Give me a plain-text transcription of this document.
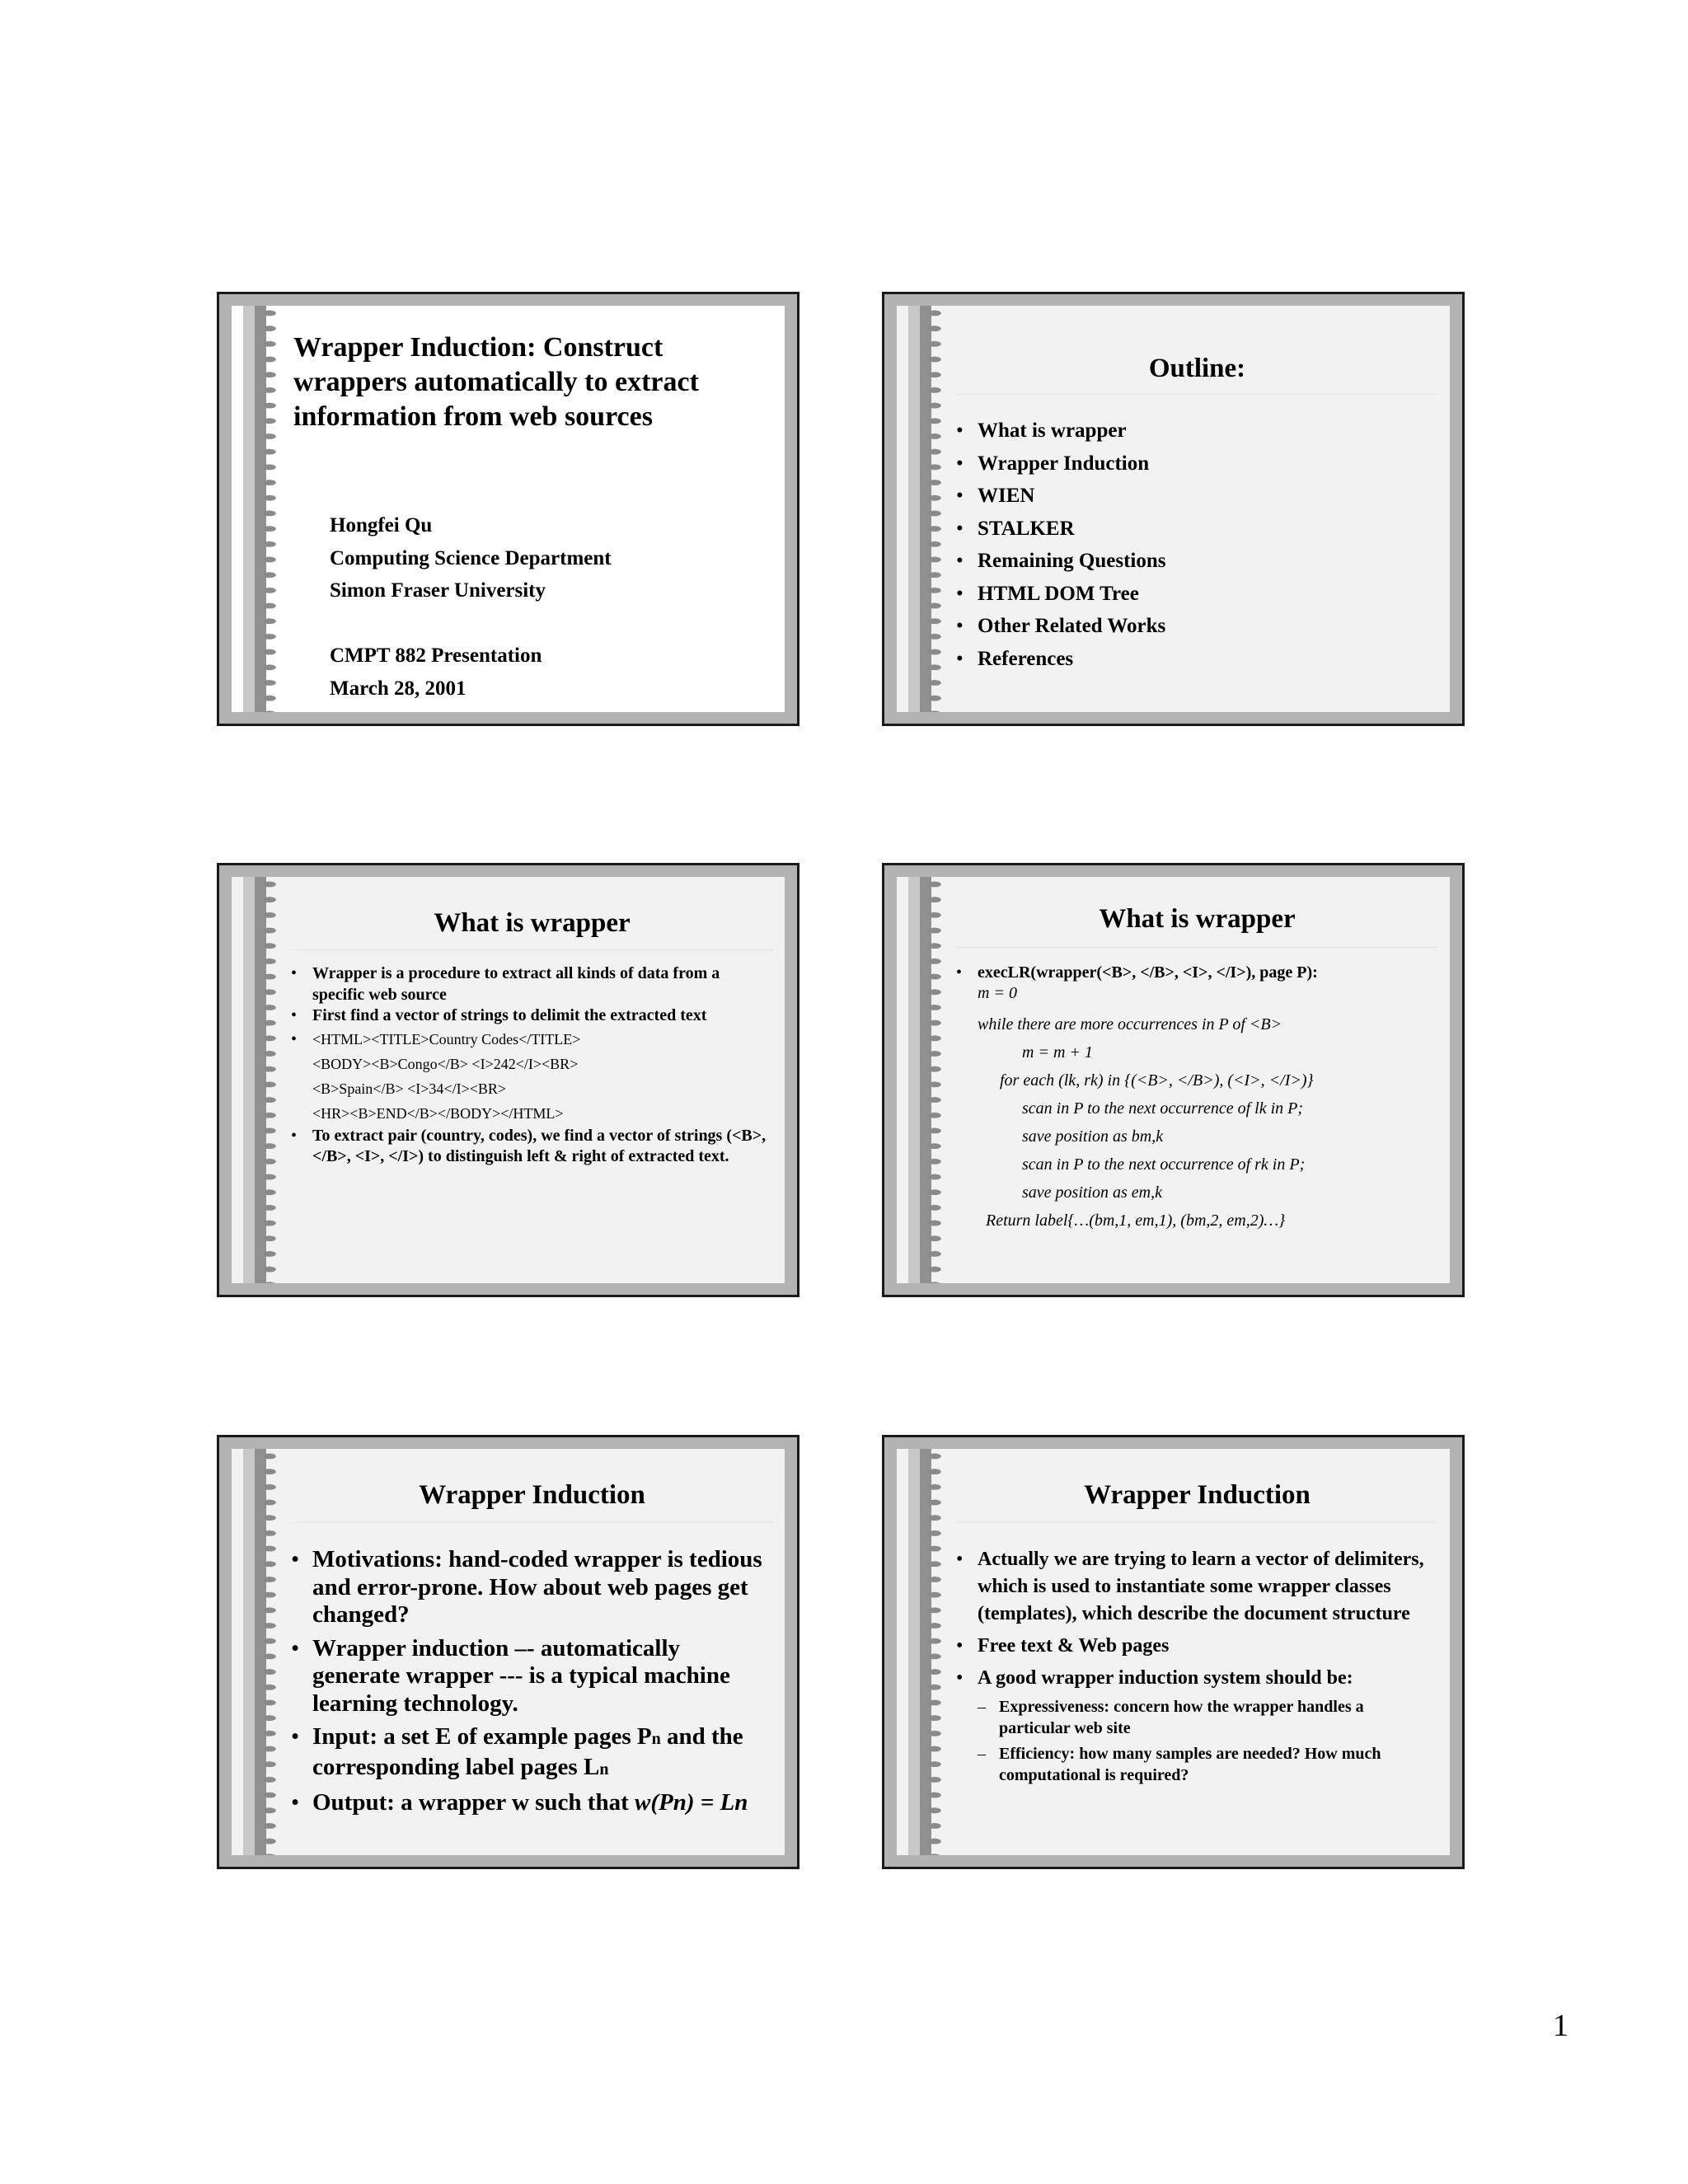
Wrapper Induction: Construct wrappers automatically to extract information from web sources
Hongfei Qu
Computing Science Department
Simon Fraser University
CMPT 882 Presentation
March 28, 2001
Outline:
• What is wrapper
• Wrapper Induction
• WIEN
• STALKER
• Remaining Questions
• HTML DOM Tree
• Other Related Works
• References
What is wrapper
• Wrapper is a procedure to extract all kinds of data from a specific web source
• First find a vector of strings to delimit the extracted text
• <HTML><TITLE>Country Codes</TITLE>
<BODY><B>Congo</B> <I>242</I><BR>
<B>Spain</B> <I>34</I><BR>
<HR><B>END</B></BODY></HTML>
• To extract pair (country, codes), we find a vector of strings (<B>, </B>, <I>, </I>) to distinguish left & right of extracted text.
What is wrapper
• execLR(wrapper(<B>, </B>, <I>, </I>), page P):
m = 0
while there are more occurrences in P of <B>
m = m + 1
for each (lk, rk) in {(<B>, </B>), (<I>, </I>)}
scan in P to the next occurrence of lk in P;
save position as bm,k
scan in P to the next occurrence of rk in P;
save position as em,k
Return label{…(bm,1, em,1), (bm,2, em,2)…}
Wrapper Induction
• Motivations: hand-coded wrapper is tedious and error-prone. How about web pages get changed?
• Wrapper induction –- automatically generate wrapper --- is a typical machine learning technology.
• Input: a set E of example pages Pn and the corresponding label pages Ln
• Output: a wrapper w such that w(Pn) = Ln
Wrapper Induction
• Actually we are trying to learn a vector of delimiters, which is used to instantiate some wrapper classes (templates), which describe the document structure
• Free text & Web pages
• A good wrapper induction system should be:
– Expressiveness: concern how the wrapper handles a particular web site
– Efficiency: how many samples are needed? How much computational is required?
1
